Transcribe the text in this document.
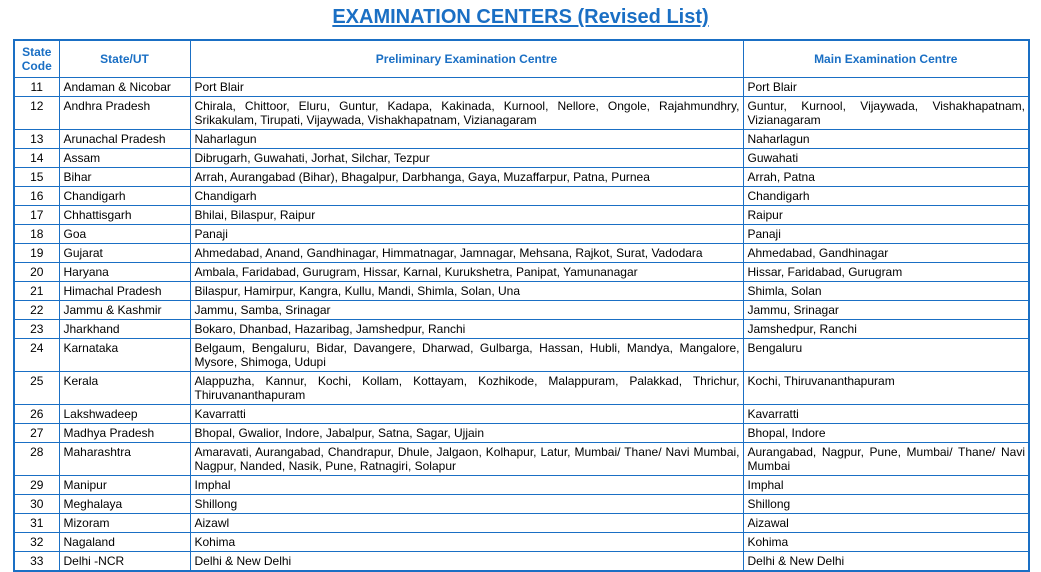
EXAMINATION CENTERS (Revised List)
State
Code	State/UT	Preliminary Examination Centre	Main Examination Centre
11	Andaman & Nicobar	Port Blair	Port Blair
12	Andhra Pradesh	Chirala, Chittoor, Eluru, Guntur, Kadapa, Kakinada, Kurnool, Nellore, Ongole, Rajahmundhry, Srikakulam, Tirupati, Vijaywada, Vishakhapatnam, Vizianagaram	Guntur, Kurnool, Vijaywada, Vishakhapatnam, Vizianagaram
13	Arunachal Pradesh	Naharlagun	Naharlagun
14	Assam	Dibrugarh, Guwahati, Jorhat, Silchar, Tezpur	Guwahati
15	Bihar	Arrah, Aurangabad (Bihar), Bhagalpur, Darbhanga, Gaya, Muzaffarpur, Patna, Purnea	Arrah, Patna
16	Chandigarh	Chandigarh	Chandigarh
17	Chhattisgarh	Bhilai, Bilaspur, Raipur	Raipur
18	Goa	Panaji	Panaji
19	Gujarat	Ahmedabad, Anand, Gandhinagar, Himmatnagar, Jamnagar, Mehsana, Rajkot, Surat, Vadodara	Ahmedabad, Gandhinagar
20	Haryana	Ambala, Faridabad, Gurugram, Hissar, Karnal, Kurukshetra, Panipat, Yamunanagar	Hissar, Faridabad, Gurugram
21	Himachal Pradesh	Bilaspur, Hamirpur, Kangra, Kullu, Mandi, Shimla, Solan, Una	Shimla, Solan
22	Jammu & Kashmir	Jammu, Samba, Srinagar	Jammu, Srinagar
23	Jharkhand	Bokaro, Dhanbad, Hazaribag, Jamshedpur, Ranchi	Jamshedpur, Ranchi
24	Karnataka	Belgaum, Bengaluru, Bidar, Davangere, Dharwad, Gulbarga, Hassan, Hubli, Mandya, Mangalore, Mysore, Shimoga, Udupi	Bengaluru
25	Kerala	Alappuzha, Kannur, Kochi, Kollam, Kottayam, Kozhikode, Malappuram, Palakkad, Thrichur, Thiruvananthapuram	Kochi, Thiruvananthapuram
26	Lakshwadeep	Kavarratti	Kavarratti
27	Madhya Pradesh	Bhopal, Gwalior, Indore, Jabalpur, Satna, Sagar, Ujjain	Bhopal, Indore
28	Maharashtra	Amaravati, Aurangabad, Chandrapur, Dhule, Jalgaon, Kolhapur, Latur, Mumbai/ Thane/ Navi Mumbai, Nagpur, Nanded, Nasik, Pune, Ratnagiri, Solapur	Aurangabad, Nagpur, Pune, Mumbai/ Thane/ Navi Mumbai
29	Manipur	Imphal	Imphal
30	Meghalaya	Shillong	Shillong
31	Mizoram	Aizawl	Aizawal
32	Nagaland	Kohima	Kohima
33	Delhi -NCR	Delhi & New Delhi	Delhi & New Delhi
